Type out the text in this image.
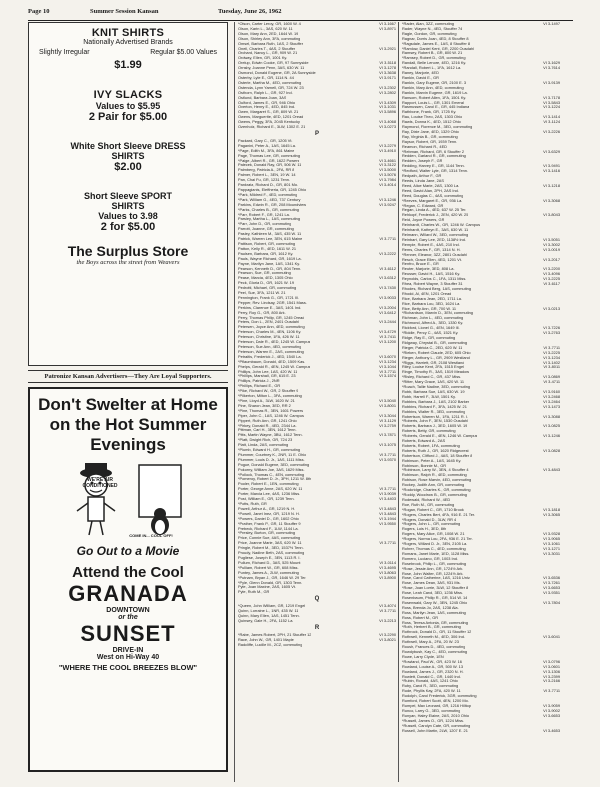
Page 10	Summer Session Kansan	Tuesday, June 26, 1962
KNIT SHIRTS
Nationally Advertised Brands
Slightly Irregular	Regular $5.00 Values
$1.99
IVY SLACKS
Values to $5.95
2 Pair for $5.00
White Short Sleeve DRESS SHIRTS
$2.00
Short Sleeve SPORT SHIRTS
Values to 3.98
2 for $5.00
The Surplus Store
the Boys across the street from Weavers
Patronize Kansan Advertisers—They Are Loyal Supporters.
Don't Swelter at Home on the Hot Summer Evenings
WE'RE AIR CONDITIONED
COME IN... COOL OFF!
Go Out to a Movie
Attend the Cool
GRANADA
DOWNTOWN
or the
SUNSET
DRIVE-IN
West on Hi-Way 40
"WHERE THE COOL BREEZES BLOW"
*Olson, Carter Leroy, GR, 1600 W. 4	VI 3-1667
Olson, Karin L., 3AS, 620 W. 11	VI 3-8971
Olson, Mary Ann, 2ED, 1644 W. 19
Olson, Shirley Ann, 3FA, commuting
Omsel, Barbara Ruth, 1AS, 2 Stouffer
Oneil, Charles T., 4AS, 2 Stouffer	VI 3-2921
Orchard, Nancy L., GR, 909 W. 21
Ordway, Ellen, GR, 1001 Ky.
Orelup, Edwin Cooke, GR, 97 Sunnyside	VI 3-5118
Ornsby, Joanne Penn, 3AS, 630 W. 11	VI 3-1278
Osmond, Donald Eugene, GR, 2A Sunnyside	VI 3-3638
Osterby, Lyle E., GR, 1114 N. 44	VI 3-9171
Osterle, Martha M., 4ED, commuting
Ostenda, Lynn Yarnell, GR, 724 W. 23	VI 3-2302
Osthorn, Ralph L., GR, 927 Ind.	VI 3-2802
Ostlund, Barbara Joan, 3AS
Oulford, James E., GR, 946 Ohio	VI 3-4309
Overton, Henry E., 4ED, 845 Ind.	VI 3-1031
Owen, Margaret S., GR, 809 W. 21	VI 3-5896
Owens, Marguerite, 4ED, 1201 Oread
Owens, Peggy, 3FA, 2045 Kentucky	VI 3-4068
Ozenholz, Richard E., 3LW, 1302 E. 21	VI 3-0273
P
Packard, Gary C., GR, 1205 Vt.
Paganini, Peter A., 1AS, 1645 La.	VI 3-2279
*Page, Edith M., 3FA, 861 Maine	VI 3-4910
Page, Thomas Lee, GR, commuting
*Paige, Albert R., GR, 1622 Powers	VI 3-4661
Palecek, Donald Ray, GR, 506 W. 11	VI 3-3122
Palmberg, Patricia A., 2FA, RR 8	VI 3-5000
Palmer, Robert L., 3EN, 19 W. 14	VI 3-5076
Pan, Chai Fu, GR, 1231 Tenn.	VI 3-7984
Pankratz, Richard D., GR, 801 Mo.	VI 3-4014
Pappagianis, Eleftheria, GR, 1245 Ohio
*Park, Mildred F., 4ED, commuting
*Park, William G., 4ED, 737 Century	VI 3-1246
Parkins, Edwin R., GR, 208 Moundview	VI 3-9247
*Parks, Charles B., GR, commuting
*Parr, Robert F., GR, 1241 La.
Parsley, Martha L., 1AS, commuting
*Parr, John D., GR, commuting
Parrott, Joanne, GR, commuting
Pasley, Kathleen M., 3AS, 435 W. 11
Patrick, Warren Lee, 3EN, 615 Maine	VI 3-7711
Pattison, Robert, GR, commuting
Patton, Kelly R., 4ED, 1611 W. 21
Paulsen, Barbara, GR, 1612 Ky.	VI 3-2222
Pauls, Wayne Richard, GR, 1619 La.
Payne, Marilyn Jane, 1AS, 1341 Ky.
Pearson, Kenneth D., GR, 804 Tenn.	VI 3-6112
Pearson, Sue, GR, commuting
Pease, Marcia, 4ED, 1305 Ohio	VI 3-6312
Peck, Gloria D., GR, 1621 W. 19
Pedrotti, Michael, GR, commuting	VI 3-7430
Peel, Sue, 3FA, 1211 W. 21
Pennington, Frank G., GR, 1721 Ill.	VI 3-9033
Pepper, Rev. Lindsay, 2GR, 1541 Mass.
Perkins, Clarence E., 3AS, 1401 Ind.	VI 3-2004
Perry, Roy G., GR, 800 Ark.	VI 3-6412
Perry, Thomas Philip, GR, 1245 Oread
Peters, Don L., 2EN, 2401 Ousdahl	VI 3-2444
Petersen, Joyce Ann, 4ED, commuting
Peterson, Charles M., 4EN, 1106 Ky.	VI 3-4729
Peterson, Christine, 1FA, 426 W. 11	VI 3-7411
Peterson, Dale R., 4ED, 1245 W. Campus	VI 3-1200
Peterson, Sue Ann, 4ED, commuting
Peterson, Warren E., 2AS, commuting
Petraitis, Frederick J., 4ED, 1540 La.	VI 3-6070
*Pflaumbaum, Donald, 4ED, 1509 Kas.	VI 3-1234
Phelps, Gerald R., 4EN, 1245 W. Campus	VI 3-1044
Phillips, John Lee, 1AS, 420 W. 11	VI 3-7711
*Phillips, Marshall, GR, 615 E. 23	VI 3-1574
Phillips, Patricia J., 2NR
*Phillips, Richard E., GR
*Pike, Richard W., GR, 2 Stouffer 9
*Pilkerton, Milton L., 3FA, commuting
*Pine, Lloyd A., 3LW, 1620 W. 21	VI 3-5040
Pine, Sharon Jean, 3ED, RR 2	VI 3-8001
*Pine, Thomas R., 3EN, 1601 Powers
Piper, John C., 1AS, 1246 W. Campus	VI 3-3044
Pippert, Ruth Ann, GR, 1241 Ohio	VI 3-1129
*Pirkey, Donald R., 4ED, 2344 La.	VI 3-2759
Pittman, Carl H., 3EN, 1612 Tenn.
Pitts, Martin Wayne, 3BU, 1612 Tenn.	VI 3-7871
*Platt, Dwight Rich, GR, 724 23
Platt, Linda, 2AS, commuting	VI 3-1075
*Plumb, Edward H., GR, commuting
Plummer, Courtney K., 2NR, 11 E. Ohio	VI 3-7711
Plummer, Louis D. Jr., 1AS, 1111 Miss.	VI 3-9370
Pogue, Donald Eugene, 3ED, commuting
Pokorny, William Joe, 3AS, 1629 Miss.
*Pollock, Thomas C., 4EN, commuting
*Pomeroy, Robert D. Jr., 3PH, 1211 W. 8th
Pooler, Robert E., 1EN, commuting
Porter, George Anne, 2AS, 620 W. 11	VI 3-7711
Porter, Marcia Lee, 4AS, 1236 Miss.	VI 3-9039
Post, William E., GR, 1239 Tenn.	VI 3-4403
*Potts, Ruth, GR
Powell, Arthur A., GR, 1219 N. H.	VI 3-4843
*Powell, Janet Inez, GR, 1219 N. H.	VI 3-4843
*Powers, Daniel D., GR, 1602 Ohio	VI 3-1944
*Prather, Frank P., GR, 11 Stouffer 9	VI 3-9550
Prebeck, Richard F., 1LW, 1144 La.
*Presley, Burton, GR, commuting
Price, Connie Sue, 4AS, commuting
Price, Joanne Marie, 3AS, 620 W. 11	VI 3-7711
Pringle, Robert M., 3ED, 1537½ Tenn.
Proudy, Nadine Beth, 2AS, commuting
Pugliese, Joseph E., 3EN, 1113 R. I.
Pullum, Richard D., 3AS, 525 Mount	VI 3-0114
*Pulliam, Robert W., GR, 608 Miss.	VI 3-4695
Puntey, James A., 2LW, commuting	VI 3-8063
*Putnam, Bryan J., GR, 1646 W. 29 Ter.	VI 3-8900
*Pyle, Glenn Donald, GR, 1303 Tenn.
Pyle, Joan Maxine, 2AS, 1605 Vt.
Pyle, Ruth M., GR
Q
*Queen, John William, GR, 1219 Engel	VI 3-4074
Quinn, Lorraine L., 1NR, 435 W. 11	VI 3-7711
Quinn, Mary Ellen, 1AS, 1451 Tenn.
Quinsey, Gale H., 2FA, 1152 La.	VI 3-2213
R
*Rabe, James Robert, 2PH, 21 Stouffer 12	VI 3-2290
Race, John W., GR, 1401 Maple	VI 3-8021
Radcliffe, Lucille M., 2CZ, commuting
*Rader, Alan, 3ZZ, commuting	VI 3-1497
Rader, Wayne N., 4ED, Stouffer 74
Ragle, Gordon, GR, commuting
Ragnar, Dorris Joan, 4ED, 8 Stouffer 8
*Ragsdale, James E., 1AS, 8 Stouffer 8
*Ramlow, Daniel Kent, GR, 2200 Ousdahl
Ramsey, Robert B., GR, 800 W. 21
*Ramsey, Robert D., GR, commuting
Randall, Belle Lenore, 4ED, 1216 Ky.	VI 3-1629
*Randall, Robert L., 1FA, 1612 La.	VI 3-7614
Raney, Marjorie, 4ED
Rankin, David E., GR
Rankin, Gary Eugene, GR, 2100 E. 3	VI 3-9139
Rankin, Mary Ann, 4ED, commuting
Rankin, Marvin Eugene, GR, 1619 La.
Ransom, Robert Allen, 1FA, 1501 Ky.	VI 3-7178
Rapport, Louis L., GR, 1301 Emeral	VI 3-5843
Rasmussen, Carol E., GR, 445 Indiana	VI 3-1224
Rathbone, Frank, GR, 1725 Ky.
Rau, Louise Theo, 2AS, 1303 Ohio	VI 3-1414
Rawls, Donna K., 4ED, 1512 Ohio	VI 3-1124
Raymond, Florence M., 3ED, commuting
Ray, Dixie Jane, 4ED, 1329 Ohio	VI 3-2226
Ray, Virginia B., GR, commuting
Raysor, Robert, GR, 1939 Tenn.
Reamon, Richard R., 4ED
*Rebman, Richard, GR, 6 Stouffer 2	VI 3-6329
Redden, Garland R., GR, commuting
Redden, Joseph F., GR
Redding, Harvey E., GR, 1144 Tenn.	VI 3-9491
*Redford, Walter Lyle, GR, 1314 Tenn.	VI 3-1416
Redpath, Arthur F., GR
Reeds, Linda Jane, 2AS
Reed, Alice Marie, 2AS, 1300 La.	VI 3-1218
Reed, David Alan, 2PH, 2AS Ind.
Reed, Douglas C., 4AS, commuting
*Reeves, Margaret E., GR, 936 La.	VI 3-3068
*Regan, C. Edward, GR
Regan, Linda A., 4ED, 637 W. 25 Ter.
Rehkopf, Frederick J., 2EN, 420 W. 25	VI 3-8043
Reid, Joyce Powers, GR
Reinhardt, Charles W., GR, 1246 W. Campus
Reinhardt, Kathryn E., 3AS, 630 W. 11
Reimann, Willard W., 3ED, commuting
Reinbart, Gary Lee, 2ED, 1138½ Ind.	VI 3-5051
Remple, Robert E., 4AS, 210 Ind.	VI 3-3002
Rems, Charles F., GR, 1314 N. H.	VI 3-0019
*Renner, Eleanor, 3ZZ, 2801 Ousdahl
Resch, Grace Ellen, 4ED, 1201 Vt.	VI 3-2017
Renfro, Bruce E., GR
Reuter, Marjorie, 3ED, 808 La.	VI 3-2200
Reusser, David H., 1AS, 1516 Ky.	VI 3-4096
Reynolds, Carlos C., 1FA, 1311 Miss.	VI 3-2225
Rhea, Robert Wayne, 3 Stouffer 31	VI 3-6117
Rhodes, Richard Berg, 1AS, commuting
Rhodd, Al, 4EN, 1201 Oread
Rice, Barbara Jean, 2ED, 1711 La.
Rice, Barbara Lou, 3ED, 1624 La.
Rice, Betty Ann, GR, 700 W. 11	VI 3-0213
*Richardson, Marvin D., 3EN, commuting
Richman, John L., 4ED, commuting
Richmond, Alfred A., 3ED, 1330 Ky.
Rickford, Lionel G., 4EN, 1649 Ill.	VI 3-7226
*Riddle, Percy C., 4AS, 1521 Ky.	VI 3-2763
Ridge, Ray E., GR, commuting
Ridgway, Chrystal B., GR, commuting
Rieger, Patricia C., 2ED, 620 W. 11	VI 3-7711
*Rieken, Robert Claude, 2ED, 605 Ohio	VI 3-2225
Rieger, Anthony L., GR, 2909 Westland	VI 3-1234
*Riggs, Harriett, GR, 2108 Westland	VI 3-1402
Riley, Louise Kent, 2FA, 1515 Engel	VI 3-8011
Ringe, Timothy R., 3AS, 1519 Meadow
*Risley, Richard C., GR, 437 Miss.	VI 3-0869
*Ritter, Mary Grace, 1AS, 420 W. 11	VI 3-4711
*Roach, Tallie Nadine, 3ED, commuting
Robb, Barbara Sue, 1AS, 630 W. 19	VI 3-9160
Robb, Harrell F., 3LW, 1501 Ky.	VI 3-2468
Robbins, Barbara J., 1AS, 2102 Barker	VI 3-2464
Robbins, Richard F., 3FA, 1425 W. 21	VI 3-1473
Robbins, Walter R., 3ED, commuting
Robertson, Warren M., 1FA, 1211 R. I.	VI 3-3088
*Roberts, John F., 3EN, 1530 Ousdahl
Roberts, Barbara J., 3ED, 1605 W. 19	VI 3-0825
Roberts, Betty, GR, commuting
*Roberts, Gerald E., 4EN, 1246 W. Campus	VI 3-1246
Roberts, Edward A., 2AS
Roberts, Robert, 1FA, commuting
Roberts, Ruth J., GR, 1620 Ridgecrest	VI 3-0828
Robertson, Clifford J., 4AS, 18 Stouffer 8
Robinson, Peter A., 1AS, 1645 Ky.
Robinson, Bonnie M., GR
*Robinson, Larry W., 3EN, 4 Stouffer 4	VI 3-4843
Robinson, Ralph R., 4ED, commuting
Robison, Rose Marvin, 4ED, commuting
Rockey, Judith Ann, GR, commuting
*Rockridge, Charles K., GR, commuting
*Roddy, Woodrow B., GR, commuting
Rodewald, Richard W., 4ED
Roe, Ruth M., GR, commuting
*Rogan, Robert C., GR, 1710 Brook	VI 3-1818
*Rogers, Charles Bert, 4FA, 916 E. 21 Ter.	VI 3-3065
*Rogers, Donald D., 3LW, RR 4
*Rogers, John L., GR, commuting
Rogers, Lois H., 3ED, 8th
Rogers, Mary Alice, GR, 1008 W. 21	VI 3-9328
*Rogers, Norma Lou, 2FA, 936 E. 21 Ter.	VI 3-9065
*Rogers, Willard D. Jr., 3EN, 2105 La.	VI 3-1061
Rohrer, Thomas C., 4ED, commuting	VI 3-1271
Romans, Janet Marie, 1ED, 1128 Miss.	VI 3-3031
Romero, Luciano, GR, 1003 Ind.
Rosebrook, Philip L., GR, commuting
*Rose, Jessie Ann, GR, 1724½ Ark.
Rose, John Walter, GR, 1224½ Ark.
Rose, Carol Catherine, 1AS, 1216 Univ.	VI 3-6536
Rose, James Dean, 3AS, 931 Ms.	VI 3-7261
*Rose, Joan Lorrie, 3LW, 12 Stouffer 8	VI 3-6653
Rose, Leah Carol, 3ED, 1236 Miss.	VI 3-9351
Rosenbaum, Philip R., GR, 514 W. 14
Rosenwald, Gary W., 3EN, 1245 Ohio	VI 3-7804
Ross, Brenda Jo, 2AS, 1238 Ala.
Ross, Marilyn Jean, 1AS, commuting
Ross, Robert M., GR
Ross, Teresa Antonia, GR, commuting
*Roth, Herbert B., GR, commuting
Rothrock, Donald D., GR, 11 Stouffer 12
Rothwell, Kenneth M., 4ED, 306 Ind.	VI 3-6041
Rothwell, Mary A., 2FA, 20 W. 23
Roush, Frances D., 4ED, commuting
Rowdybush, Kay C., 4ED, commuting
Rowe, Larry Clyde, 1EN
*Rowland, Paul W., GR, 423 W. 16	VI 3-0796
Rowland, Louise A., GR, 500 W. 13	VI 3-0601
Rowland, James J., GR, 2320 N. H.	VI 3-1306
Rowlett, Donald C., GR, 1440 Ind.	VI 3-2399
*Rubin, Ronald, 4AS, 1241 Ohio	VI 3-2166
Ruby, Carol R., 3ED, commuting
Rude, Phyllis Kay, 2FA, 420 W. 11	VI 3-7711
Rudolph, Carol Frederick, 3GR, commuting
Rumford, Robert Scott, 4EN, 1200 Mo.
Rumpel, Max Leonard, GR, 1216 Hilltop	VI 3-9059
Runco, Larry G., 3ED, commuting	VI 3-9002
Runyan, Haley Elaine, 2AS, 2010 Ohio	VI 3-6653
*Russell, James O., GR, 1224 Miss.
*Russell, Carolyn Cate, GR, commuting
Russell, John Martin, 2LW, 1207 E. 21	VI 3-4653
